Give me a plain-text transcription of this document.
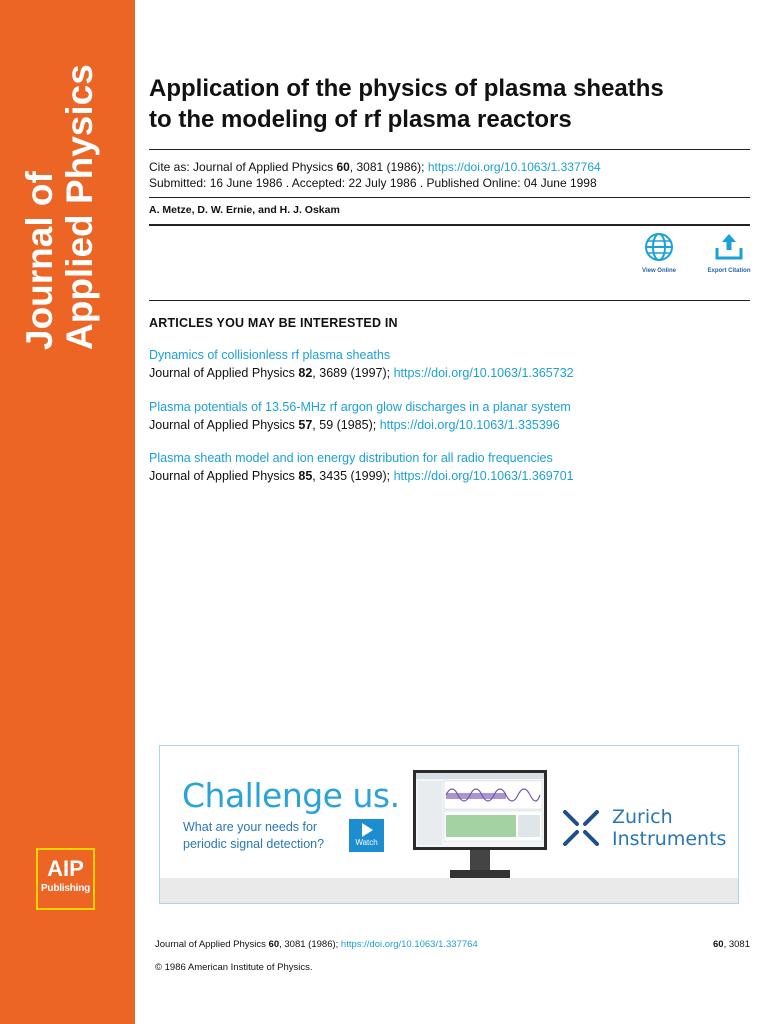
Journal of Applied Physics
AIP
Publishing
Application of the physics of plasma sheaths
to the modeling of rf plasma reactors
Cite as: Journal of Applied Physics 60, 3081 (1986); https://doi.org/10.1063/1.337764
Submitted: 16 June 1986 . Accepted: 22 July 1986 . Published Online: 04 June 1998
A. Metze, D. W. Ernie, and H. J. Oskam
View Online	Export Citation
ARTICLES YOU MAY BE INTERESTED IN
Dynamics of collisionless rf plasma sheaths
Journal of Applied Physics 82, 3689 (1997); https://doi.org/10.1063/1.365732
Plasma potentials of 13.56-MHz rf argon glow discharges in a planar system
Journal of Applied Physics 57, 59 (1985); https://doi.org/10.1063/1.335396
Plasma sheath model and ion energy distribution for all radio frequencies
Journal of Applied Physics 85, 3435 (1999); https://doi.org/10.1063/1.369701
Challenge us.
What are your needs for
periodic signal detection?	Watch
Zurich
Instruments
Journal of Applied Physics 60, 3081 (1986); https://doi.org/10.1063/1.337764	60, 3081
© 1986 American Institute of Physics.
